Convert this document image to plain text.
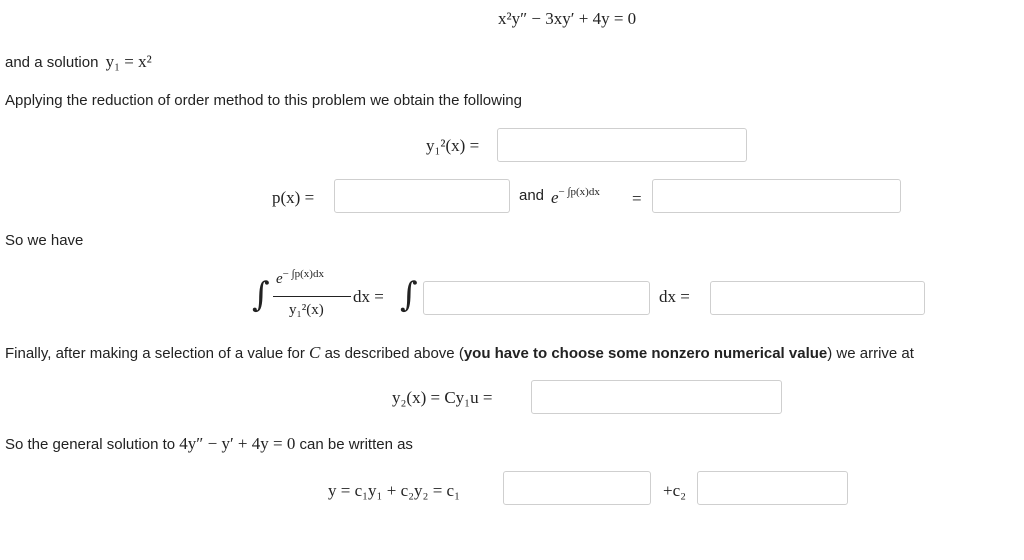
x²y″ − 3xy′ + 4y = 0
and a solution y₁ = x²
Applying the reduction of order method to this problem we obtain the following
y₁²(x) =
p(x) =	and $e^{- \int p(x)dx}$ =
So we have
∫ $e^{- \int p(x)dx}$
y₁²(x)
dx = ∫	dx =
Finally, after making a selection of a value for C as described above (you have to choose some nonzero numerical value) we arrive at
y₂(x) = Cy₁u =
So the general solution to 4y″ − y′ + 4y = 0 can be written as
y = c₁y₁ + c₂y₂ = c₁	+c₂
